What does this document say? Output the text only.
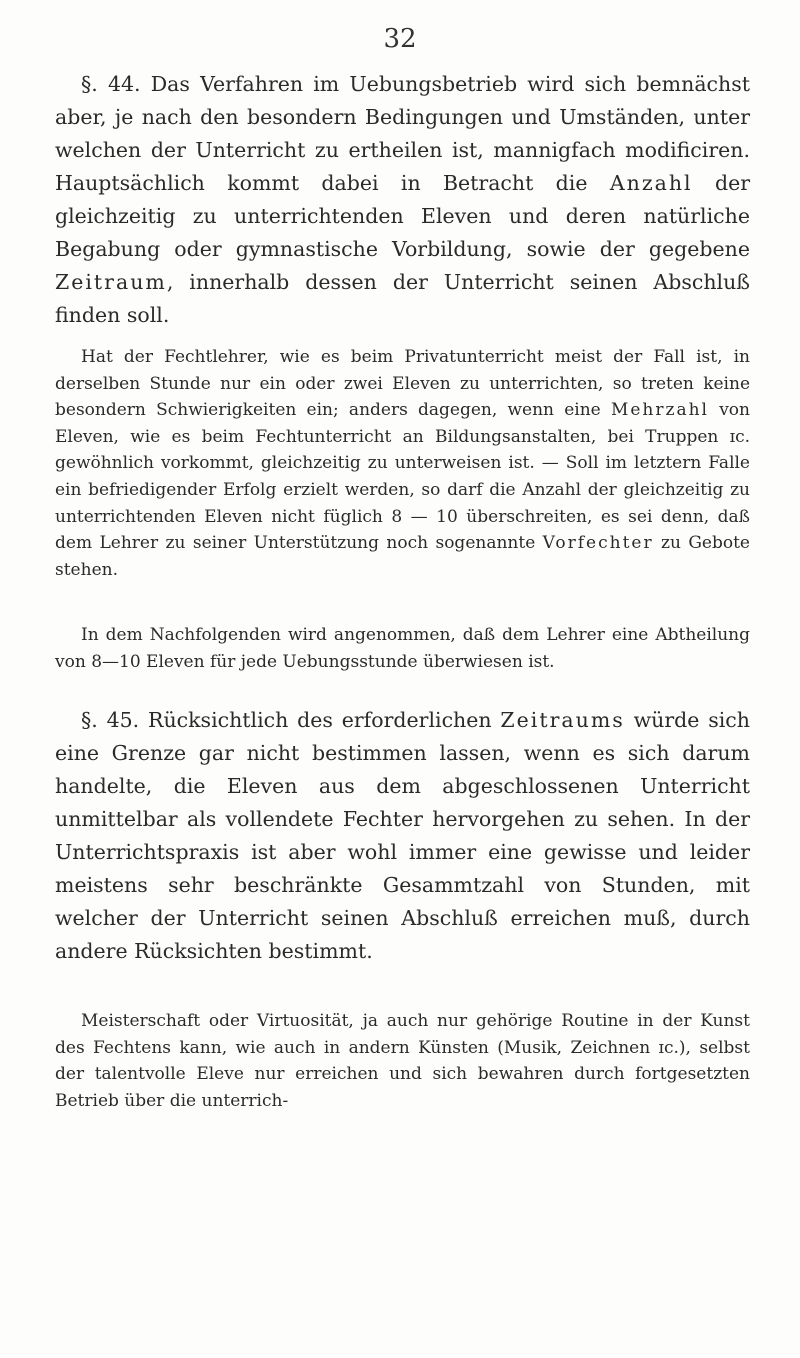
32

§. 44. Das Verfahren im Uebungsbetrieb wird sich bemnächst aber, je nach den besondern Bedingungen und Umständen, unter welchen der Unterricht zu ertheilen ist, mannigfach modificiren. Hauptsächlich kommt dabei in Betracht die Anzahl der gleichzeitig zu unterrichtenden Eleven und deren natürliche Begabung oder gymnastische Vorbildung, sowie der gegebene Zeitraum, innerhalb dessen der Unterricht seinen Abschluß finden soll.

Hat der Fechtlehrer, wie es beim Privatunterricht meist der Fall ist, in derselben Stunde nur ein oder zwei Eleven zu unterrichten, so treten keine besondern Schwierigkeiten ein; anders dagegen, wenn eine Mehrzahl von Eleven, wie es beim Fechtunterricht an Bildungsanstalten, bei Truppen ɪc. gewöhnlich vorkommt, gleichzeitig zu unterweisen ist. — Soll im letztern Falle ein befriedigender Erfolg erzielt werden, so darf die Anzahl der gleichzeitig zu unterrichtenden Eleven nicht füglich 8 — 10 überschreiten, es sei denn, daß dem Lehrer zu seiner Unterstützung noch sogenannte Vorfechter zu Gebote stehen.

In dem Nachfolgenden wird angenommen, daß dem Lehrer eine Abtheilung von 8—10 Eleven für jede Uebungsstunde überwiesen ist.

§. 45. Rücksichtlich des erforderlichen Zeitraums würde sich eine Grenze gar nicht bestimmen lassen, wenn es sich darum handelte, die Eleven aus dem abgeschlossenen Unterricht unmittelbar als vollendete Fechter hervorgehen zu sehen. In der Unterrichtspraxis ist aber wohl immer eine gewisse und leider meistens sehr beschränkte Gesammtzahl von Stunden, mit welcher der Unterricht seinen Abschluß erreichen muß, durch andere Rücksichten bestimmt.

Meisterschaft oder Virtuosität, ja auch nur gehörige Routine in der Kunst des Fechtens kann, wie auch in andern Künsten (Musik, Zeichnen ɪc.), selbst der talentvolle Eleve nur erreichen und sich bewahren durch fortgesetzten Betrieb über die unterrich-
